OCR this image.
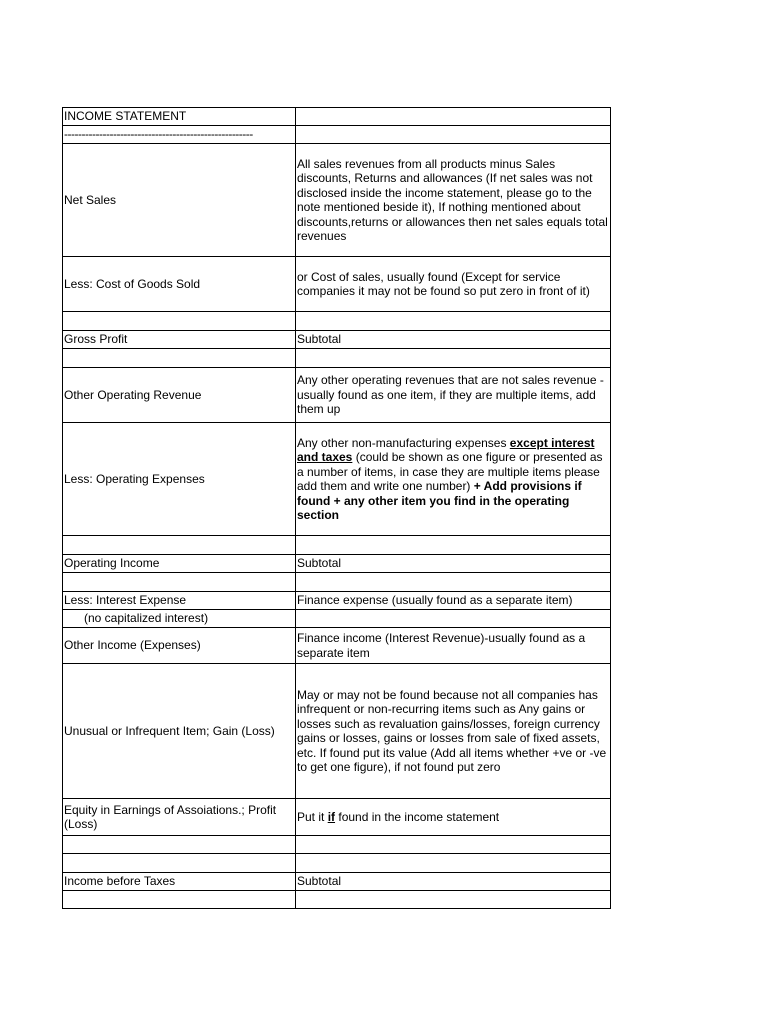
INCOME STATEMENT	
------------------------------------------------------	
Net Sales	All sales revenues from all products minus Sales discounts, Returns and allowances (If net sales was not disclosed inside the income statement, please go to the note mentioned beside it), If nothing mentioned about discounts,returns or allowances then net sales equals total revenues
Less: Cost of Goods Sold	or Cost of sales, usually found (Except for service companies it may not be found so put zero in front of it)

Gross Profit	Subtotal

Other Operating Revenue	Any other operating revenues that are not sales revenue -usually found as one item, if they are multiple items, add them up
Less: Operating Expenses	Any other non-manufacturing expenses except interest and taxes (could be shown as one figure or presented as a number of items, in case they are multiple items please add them and write one number) + Add provisions if found + any other item you find in the operating section

Operating Income	Subtotal

Less: Interest Expense	Finance expense (usually found as a separate item)
(no capitalized interest)	
Other Income (Expenses)	Finance income (Interest Revenue)-usually found as a separate item
Unusual or Infrequent Item; Gain (Loss)	May or may not be found because not all companies has infrequent or non-recurring items such as Any gains or losses such as revaluation gains/losses, foreign currency gains or losses, gains or losses from sale of fixed assets, etc. If found put its value (Add all items whether +ve or -ve to get one figure), if not found put zero
Equity in Earnings of Assoiations.; Profit (Loss)	Put it if found in the income statement

Income before Taxes	Subtotal
